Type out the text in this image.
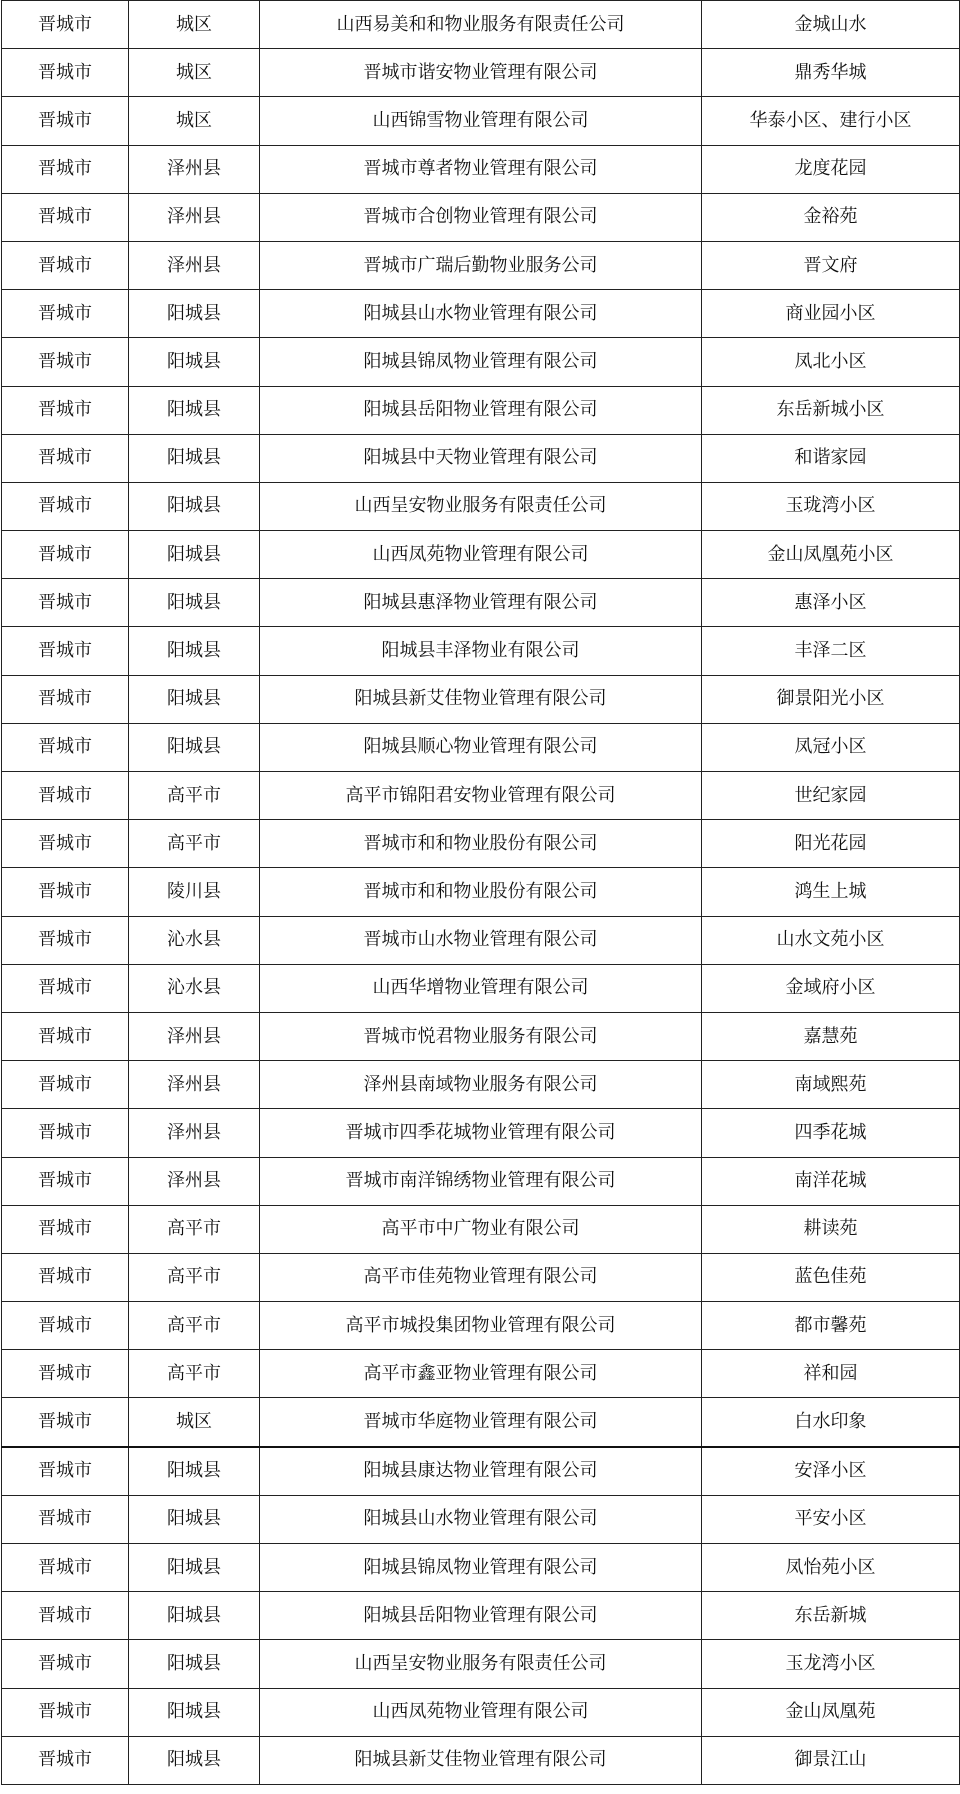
晋城市	城区	山西易美和和物业服务有限责任公司	金城山水
晋城市	城区	晋城市谐安物业管理有限公司	鼎秀华城
晋城市	城区	山西锦雪物业管理有限公司	华泰小区、建行小区
晋城市	泽州县	晋城市尊者物业管理有限公司	龙度花园
晋城市	泽州县	晋城市合创物业管理有限公司	金裕苑
晋城市	泽州县	晋城市广瑞后勤物业服务公司	晋文府
晋城市	阳城县	阳城县山水物业管理有限公司	商业园小区
晋城市	阳城县	阳城县锦凤物业管理有限公司	凤北小区
晋城市	阳城县	阳城县岳阳物业管理有限公司	东岳新城小区
晋城市	阳城县	阳城县中天物业管理有限公司	和谐家园
晋城市	阳城县	山西呈安物业服务有限责任公司	玉珑湾小区
晋城市	阳城县	山西凤苑物业管理有限公司	金山凤凰苑小区
晋城市	阳城县	阳城县惠泽物业管理有限公司	惠泽小区
晋城市	阳城县	阳城县丰泽物业有限公司	丰泽二区
晋城市	阳城县	阳城县新艾佳物业管理有限公司	御景阳光小区
晋城市	阳城县	阳城县顺心物业管理有限公司	凤冠小区
晋城市	高平市	高平市锦阳君安物业管理有限公司	世纪家园
晋城市	高平市	晋城市和和物业股份有限公司	阳光花园
晋城市	陵川县	晋城市和和物业股份有限公司	鸿生上城
晋城市	沁水县	晋城市山水物业管理有限公司	山水文苑小区
晋城市	沁水县	山西华增物业管理有限公司	金域府小区
晋城市	泽州县	晋城市悦君物业服务有限公司	嘉慧苑
晋城市	泽州县	泽州县南域物业服务有限公司	南域熙苑
晋城市	泽州县	晋城市四季花城物业管理有限公司	四季花城
晋城市	泽州县	晋城市南洋锦绣物业管理有限公司	南洋花城
晋城市	高平市	高平市中广物业有限公司	耕读苑
晋城市	高平市	高平市佳苑物业管理有限公司	蓝色佳苑
晋城市	高平市	高平市城投集团物业管理有限公司	都市馨苑
晋城市	高平市	高平市鑫亚物业管理有限公司	祥和园
晋城市	城区	晋城市华庭物业管理有限公司	白水印象
晋城市	阳城县	阳城县康达物业管理有限公司	安泽小区
晋城市	阳城县	阳城县山水物业管理有限公司	平安小区
晋城市	阳城县	阳城县锦凤物业管理有限公司	凤怡苑小区
晋城市	阳城县	阳城县岳阳物业管理有限公司	东岳新城
晋城市	阳城县	山西呈安物业服务有限责任公司	玉龙湾小区
晋城市	阳城县	山西凤苑物业管理有限公司	金山凤凰苑
晋城市	阳城县	阳城县新艾佳物业管理有限公司	御景江山
